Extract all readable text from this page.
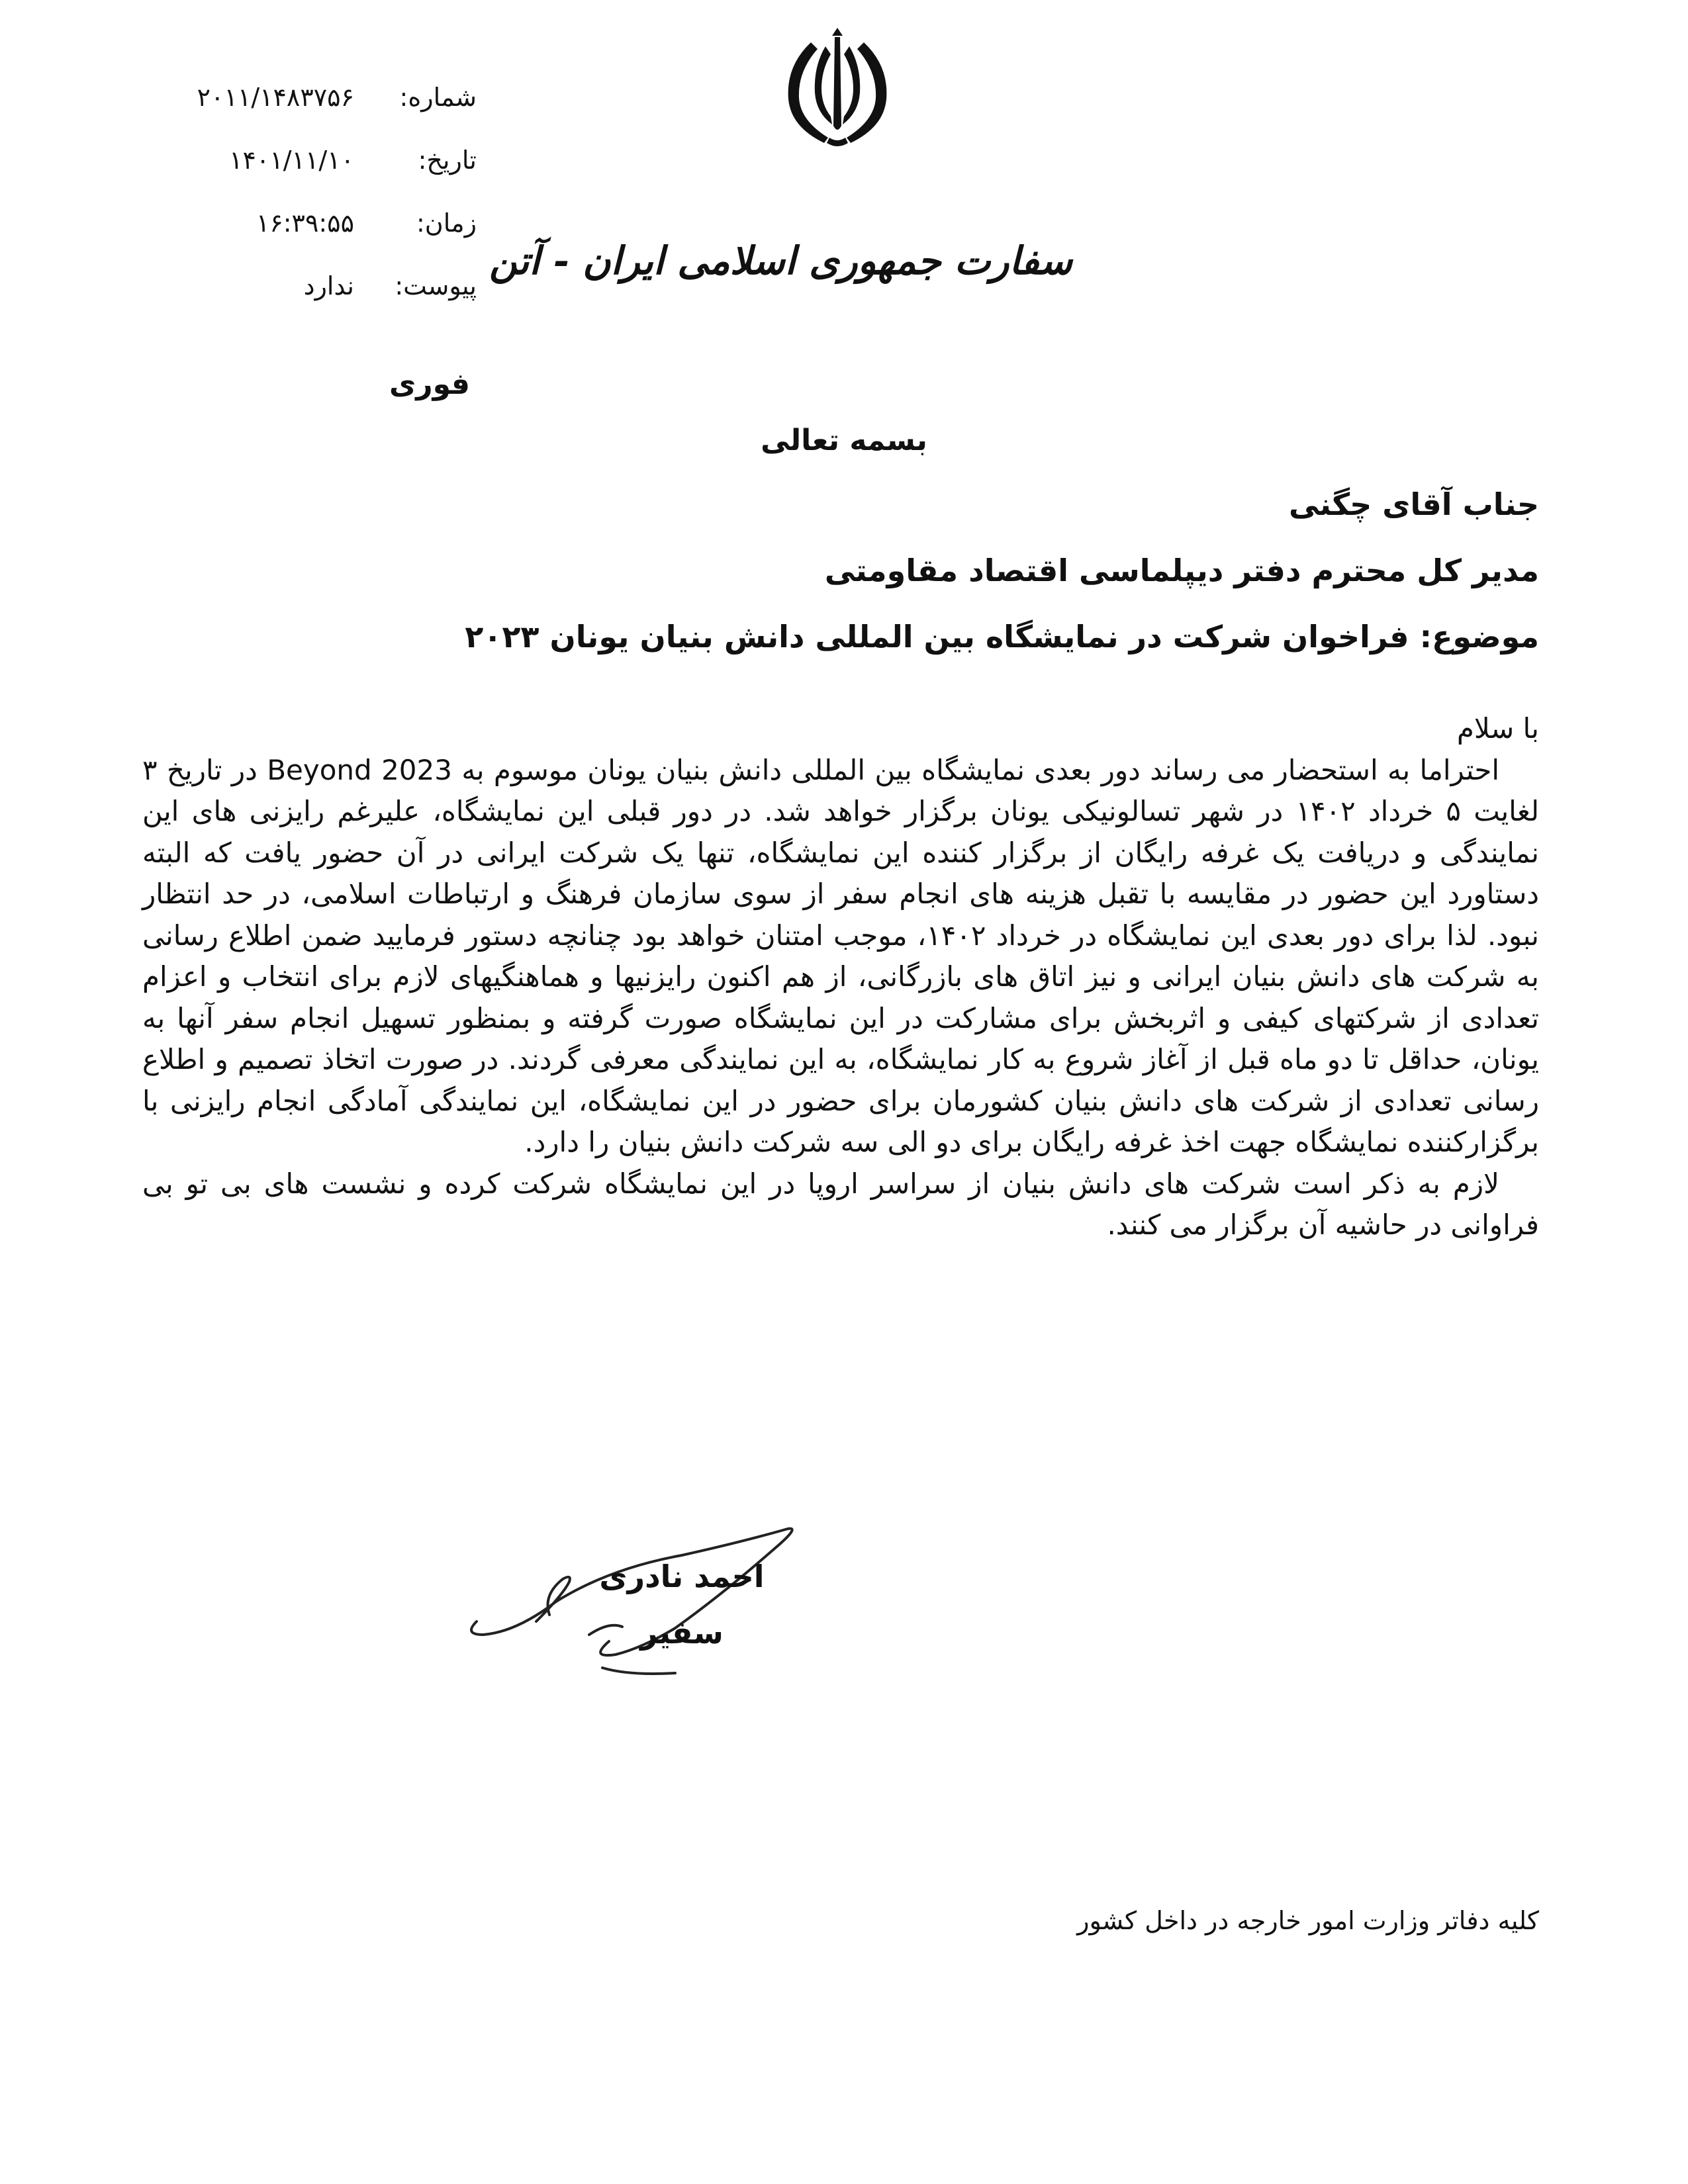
شماره:
۲۰۱۱/۱۴۸۳۷۵۶
تاریخ:
۱۴۰۱/۱۱/۱۰
زمان:
۱۶:۳۹:۵۵
پیوست:
ندارد
سفارت جمهوری اسلامی ایران - آتن
فوری
بسمه تعالی
جناب آقای چگنی
مدیر کل محترم دفتر دیپلماسی اقتصاد مقاومتی
موضوع: فراخوان شرکت در نمایشگاه بین المللی دانش بنیان یونان ۲۰۲۳

با سلام

احتراما به استحضار می رساند دور بعدی نمایشگاه بین المللی دانش بنیان یونان موسوم به Beyond 2023 در تاریخ ۳ لغایت ۵ خرداد ۱۴۰۲ در شهر تسالونیکی یونان برگزار خواهد شد. در دور قبلی این نمایشگاه، علیرغم رایزنی های این نمایندگی و دریافت یک غرفه رایگان از برگزار کننده این نمایشگاه، تنها یک شرکت ایرانی در آن حضور یافت که البته دستاورد این حضور در مقایسه با تقبل هزینه های انجام سفر از سوی سازمان فرهنگ و ارتباطات اسلامی، در حد انتظار نبود. لذا برای دور بعدی این نمایشگاه در خرداد ۱۴۰۲، موجب امتنان خواهد بود چنانچه دستور فرمایید ضمن اطلاع رسانی به شرکت های دانش بنیان ایرانی و نیز اتاق های بازرگانی، از هم اکنون رایزنیها و هماهنگیهای لازم برای انتخاب و اعزام تعدادی از شرکتهای کیفی و اثربخش برای مشارکت در این نمایشگاه صورت گرفته و بمنظور تسهیل انجام سفر آنها به یونان، حداقل تا دو ماه قبل از آغاز شروع به کار نمایشگاه، به این نمایندگی معرفی گردند. در صورت اتخاذ تصمیم و اطلاع رسانی تعدادی از شرکت های دانش بنیان کشورمان برای حضور در این نمایشگاه، این نمایندگی آمادگی انجام رایزنی با برگزارکننده نمایشگاه جهت اخذ غرفه رایگان برای دو الی سه شرکت دانش بنیان را دارد.

لازم به ذکر است شرکت های دانش بنیان از سراسر اروپا در این نمایشگاه شرکت کرده و نشست های بی تو بی فراوانی در حاشیه آن برگزار می کنند.

احمد نادری
سفیر
کلیه دفاتر وزارت امور خارجه در داخل کشور
